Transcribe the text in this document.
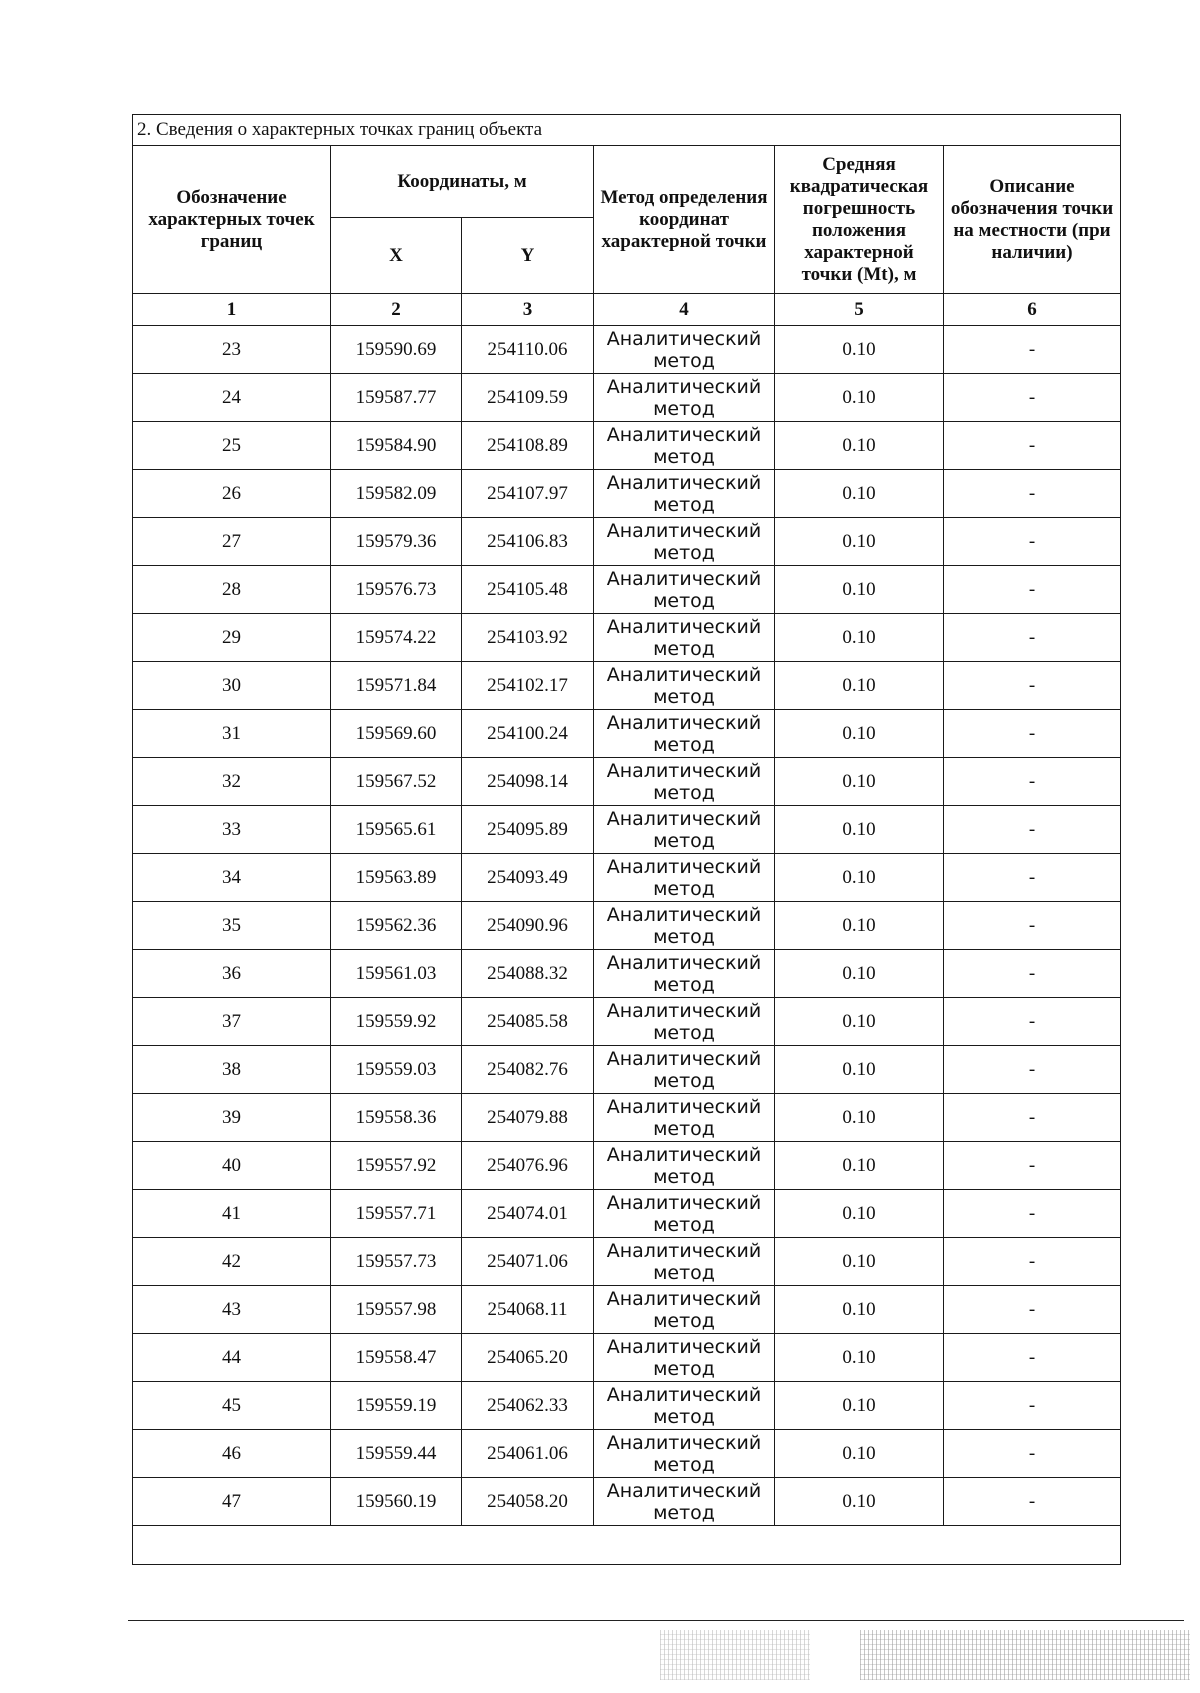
2. Сведения о характерных точках границ объекта					
Обозначение характерных точек границ	Координаты, м		Метод определения координат характерной точки	Средняя квадратическая погрешность положения характерной точки (Mt), м	Описание обозначения точки на местности (при наличии)
	X	Y			
1	2	3	4	5	6
23	159590.69	254110.06	Аналитический метод	0.10	-
24	159587.77	254109.59	Аналитический метод	0.10	-
25	159584.90	254108.89	Аналитический метод	0.10	-
26	159582.09	254107.97	Аналитический метод	0.10	-
27	159579.36	254106.83	Аналитический метод	0.10	-
28	159576.73	254105.48	Аналитический метод	0.10	-
29	159574.22	254103.92	Аналитический метод	0.10	-
30	159571.84	254102.17	Аналитический метод	0.10	-
31	159569.60	254100.24	Аналитический метод	0.10	-
32	159567.52	254098.14	Аналитический метод	0.10	-
33	159565.61	254095.89	Аналитический метод	0.10	-
34	159563.89	254093.49	Аналитический метод	0.10	-
35	159562.36	254090.96	Аналитический метод	0.10	-
36	159561.03	254088.32	Аналитический метод	0.10	-
37	159559.92	254085.58	Аналитический метод	0.10	-
38	159559.03	254082.76	Аналитический метод	0.10	-
39	159558.36	254079.88	Аналитический метод	0.10	-
40	159557.92	254076.96	Аналитический метод	0.10	-
41	159557.71	254074.01	Аналитический метод	0.10	-
42	159557.73	254071.06	Аналитический метод	0.10	-
43	159557.98	254068.11	Аналитический метод	0.10	-
44	159558.47	254065.20	Аналитический метод	0.10	-
45	159559.19	254062.33	Аналитический метод	0.10	-
46	159559.44	254061.06	Аналитический метод	0.10	-
47	159560.19	254058.20	Аналитический метод	0.10	-
